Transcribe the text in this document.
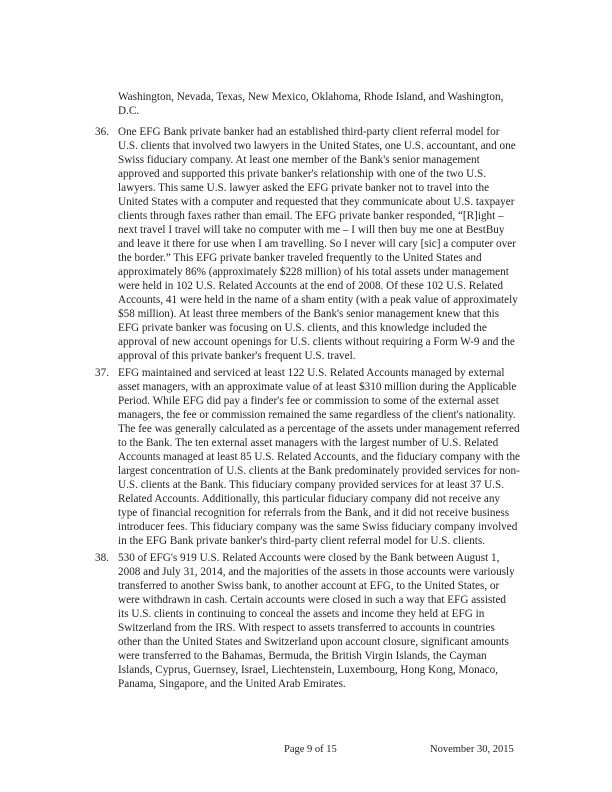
Washington, Nevada, Texas, New Mexico, Oklahoma, Rhode Island, and Washington,
D.C.
36. One EFG Bank private banker had an established third-party client referral model for
U.S. clients that involved two lawyers in the United States, one U.S. accountant, and one
Swiss fiduciary company. At least one member of the Bank's senior management
approved and supported this private banker's relationship with one of the two U.S.
lawyers. This same U.S. lawyer asked the EFG private banker not to travel into the
United States with a computer and requested that they communicate about U.S. taxpayer
clients through faxes rather than email. The EFG private banker responded, “[R]ight –
next travel I travel will take no computer with me – I will then buy me one at BestBuy
and leave it there for use when I am travelling. So I never will cary [sic] a computer over
the border.” This EFG private banker traveled frequently to the United States and
approximately 86% (approximately $228 million) of his total assets under management
were held in 102 U.S. Related Accounts at the end of 2008. Of these 102 U.S. Related
Accounts, 41 were held in the name of a sham entity (with a peak value of approximately
$58 million). At least three members of the Bank's senior management knew that this
EFG private banker was focusing on U.S. clients, and this knowledge included the
approval of new account openings for U.S. clients without requiring a Form W-9 and the
approval of this private banker's frequent U.S. travel.
37. EFG maintained and serviced at least 122 U.S. Related Accounts managed by external
asset managers, with an approximate value of at least $310 million during the Applicable
Period. While EFG did pay a finder's fee or commission to some of the external asset
managers, the fee or commission remained the same regardless of the client's nationality.
The fee was generally calculated as a percentage of the assets under management referred
to the Bank. The ten external asset managers with the largest number of U.S. Related
Accounts managed at least 85 U.S. Related Accounts, and the fiduciary company with the
largest concentration of U.S. clients at the Bank predominately provided services for non-
U.S. clients at the Bank. This fiduciary company provided services for at least 37 U.S.
Related Accounts. Additionally, this particular fiduciary company did not receive any
type of financial recognition for referrals from the Bank, and it did not receive business
introducer fees. This fiduciary company was the same Swiss fiduciary company involved
in the EFG Bank private banker's third-party client referral model for U.S. clients.
38. 530 of EFG's 919 U.S. Related Accounts were closed by the Bank between August 1,
2008 and July 31, 2014, and the majorities of the assets in those accounts were variously
transferred to another Swiss bank, to another account at EFG, to the United States, or
were withdrawn in cash. Certain accounts were closed in such a way that EFG assisted
its U.S. clients in continuing to conceal the assets and income they held at EFG in
Switzerland from the IRS. With respect to assets transferred to accounts in countries
other than the United States and Switzerland upon account closure, significant amounts
were transferred to the Bahamas, Bermuda, the British Virgin Islands, the Cayman
Islands, Cyprus, Guernsey, Israel, Liechtenstein, Luxembourg, Hong Kong, Monaco,
Panama, Singapore, and the United Arab Emirates.
Page 9 of 15	November 30, 2015
